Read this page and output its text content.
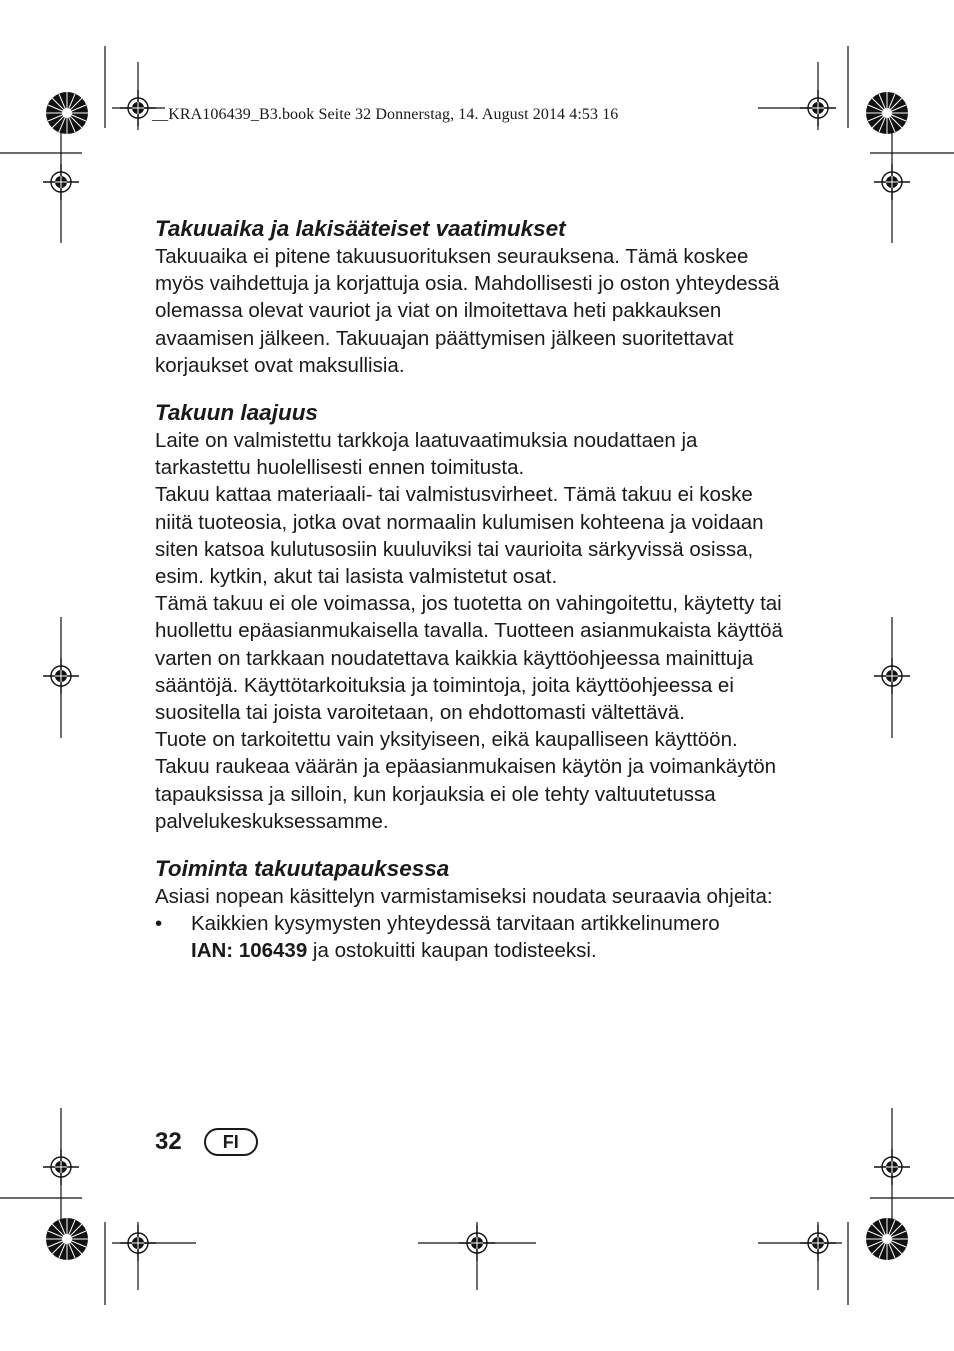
__KRA106439_B3.book Seite 32 Donnerstag, 14. August 2014 4:53 16
Takuuaika ja lakisääteiset vaatimukset

Takuuaika ei pitene takuusuorituksen seurauksena. Tämä koskee myös vaihdettuja ja korjattuja osia. Mahdollisesti jo oston yhteydessä olemassa olevat vauriot ja viat on ilmoitettava heti pakkauksen avaamisen jälkeen. Takuuajan päättymisen jälkeen suoritettavat korjaukset ovat maksullisia.

Takuun laajuus

Laite on valmistettu tarkkoja laatuvaatimuksia noudattaen ja tarkastettu huolellisesti ennen toimitusta.

Takuu kattaa materiaali- tai valmistusvirheet. Tämä takuu ei koske niitä tuoteosia, jotka ovat normaalin kulumisen kohteena ja voidaan siten katsoa kulutusosiin kuuluviksi tai vaurioita särkyvissä osissa, esim. kytkin, akut tai lasista valmistetut osat.

Tämä takuu ei ole voimassa, jos tuotetta on vahingoitettu, käytetty tai huollettu epäasianmukaisella tavalla. Tuotteen asianmukaista käyttöä varten on tarkkaan noudatettava kaikkia käyttöohjeessa mainittuja sääntöjä. Käyttötarkoituksia ja toimintoja, joita käyttöohjeessa ei suositella tai joista varoitetaan, on ehdottomasti vältettävä.

Tuote on tarkoitettu vain yksityiseen, eikä kaupalliseen käyttöön. Takuu raukeaa väärän ja epäasianmukaisen käytön ja voimankäytön tapauksissa ja silloin, kun korjauksia ei ole tehty valtuutetussa palvelukeskuksessamme.

Toiminta takuutapauksessa

Asiasi nopean käsittelyn varmistamiseksi noudata seuraavia ohjeita:

• Kaikkien kysymysten yhteydessä tarvitaan artikkelinumero
IAN: 106439 ja ostokuitti kaupan todisteeksi.

32	FI
